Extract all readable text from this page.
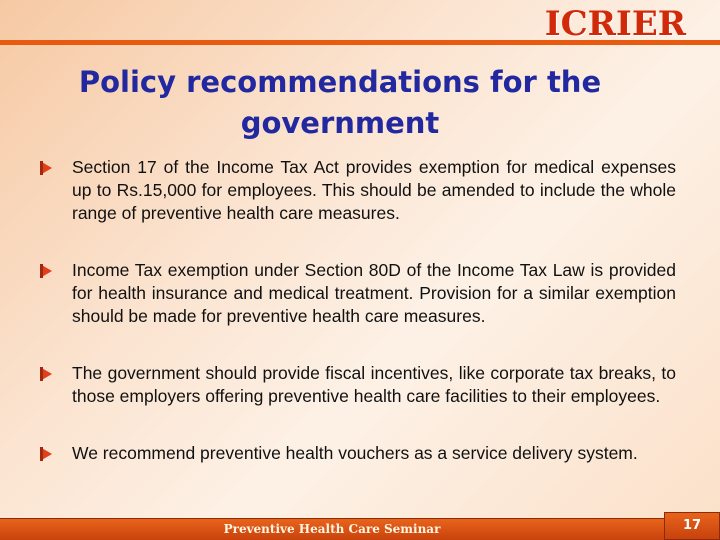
ICRIER
Policy recommendations for the government
Section 17 of the Income Tax Act provides exemption for medical expenses up to Rs.15,000 for employees. This should be amended to include the whole range of preventive health care measures.
Income Tax exemption under Section 80D of the Income Tax Law is provided for health insurance and medical treatment. Provision for a similar exemption should be made for preventive health care measures.
The government should provide fiscal incentives, like corporate tax breaks, to those employers offering preventive health care facilities to their employees.
We recommend preventive health vouchers as a service delivery system.
Preventive Health Care Seminar	17
